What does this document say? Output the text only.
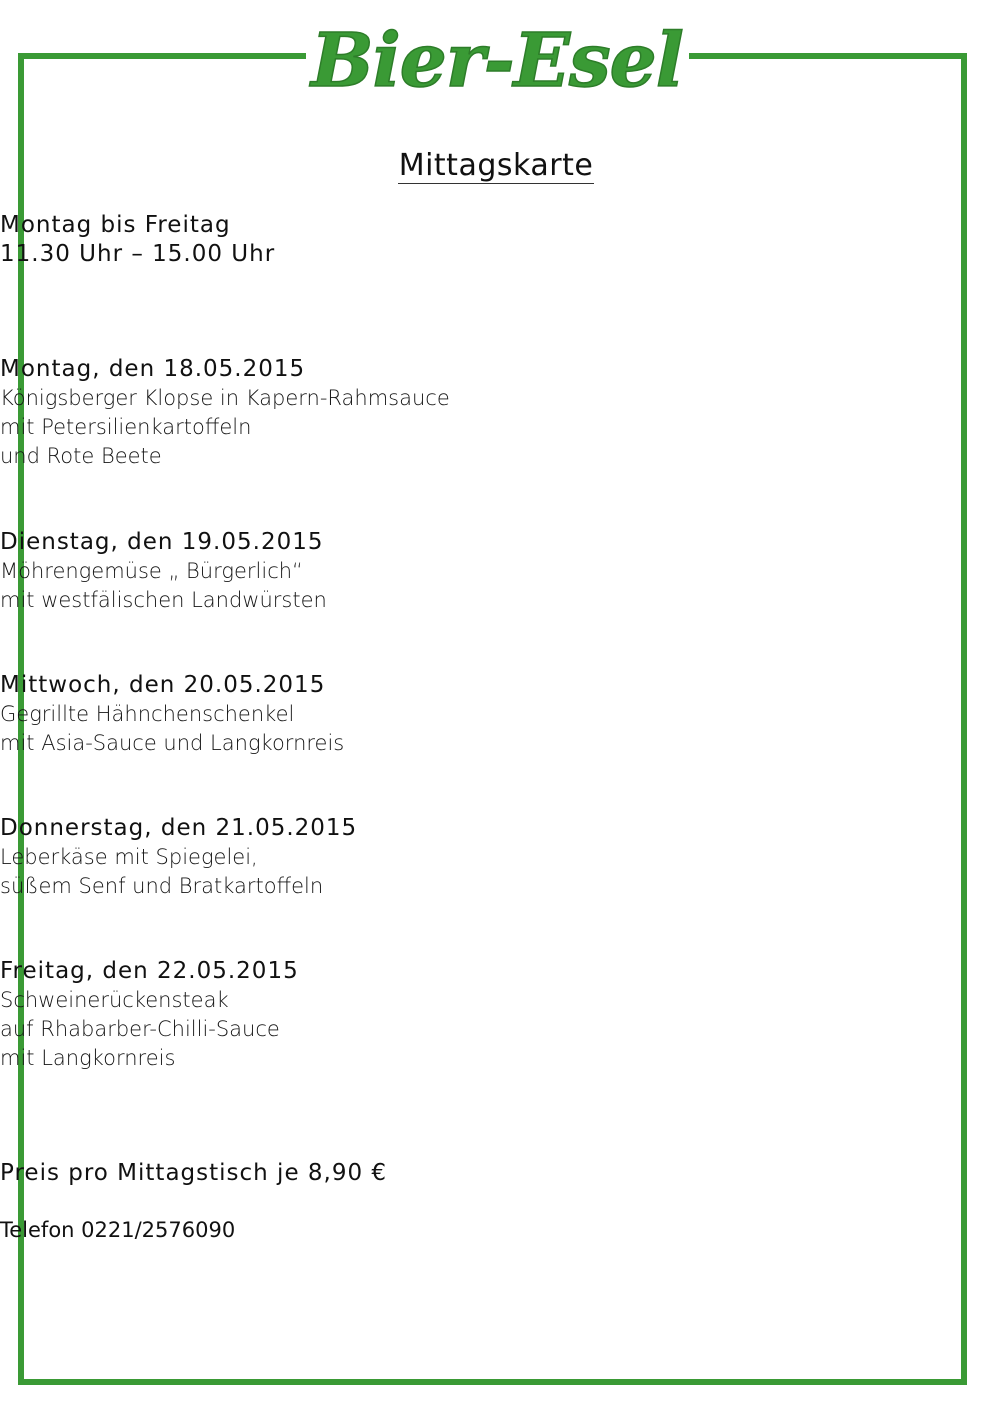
Bier-Esel
Mittagskarte
Montag bis Freitag
11.30 Uhr – 15.00 Uhr
Montag, den 18.05.2015
Königsberger Klopse in Kapern-Rahmsauce
mit Petersilienkartoffeln
und Rote Beete
Dienstag, den 19.05.2015
Möhrengemüse „ Bürgerlich“
mit westfälischen Landwürsten
Mittwoch, den 20.05.2015
Gegrillte Hähnchenschenkel
mit Asia-Sauce und Langkornreis
Donnerstag, den 21.05.2015
Leberkäse mit Spiegelei,
süßem Senf und Bratkartoffeln
Freitag, den 22.05.2015
Schweinerückensteak
auf Rhabarber-Chilli-Sauce
mit Langkornreis
Preis pro Mittagstisch je 8,90 €
Telefon 0221/2576090
